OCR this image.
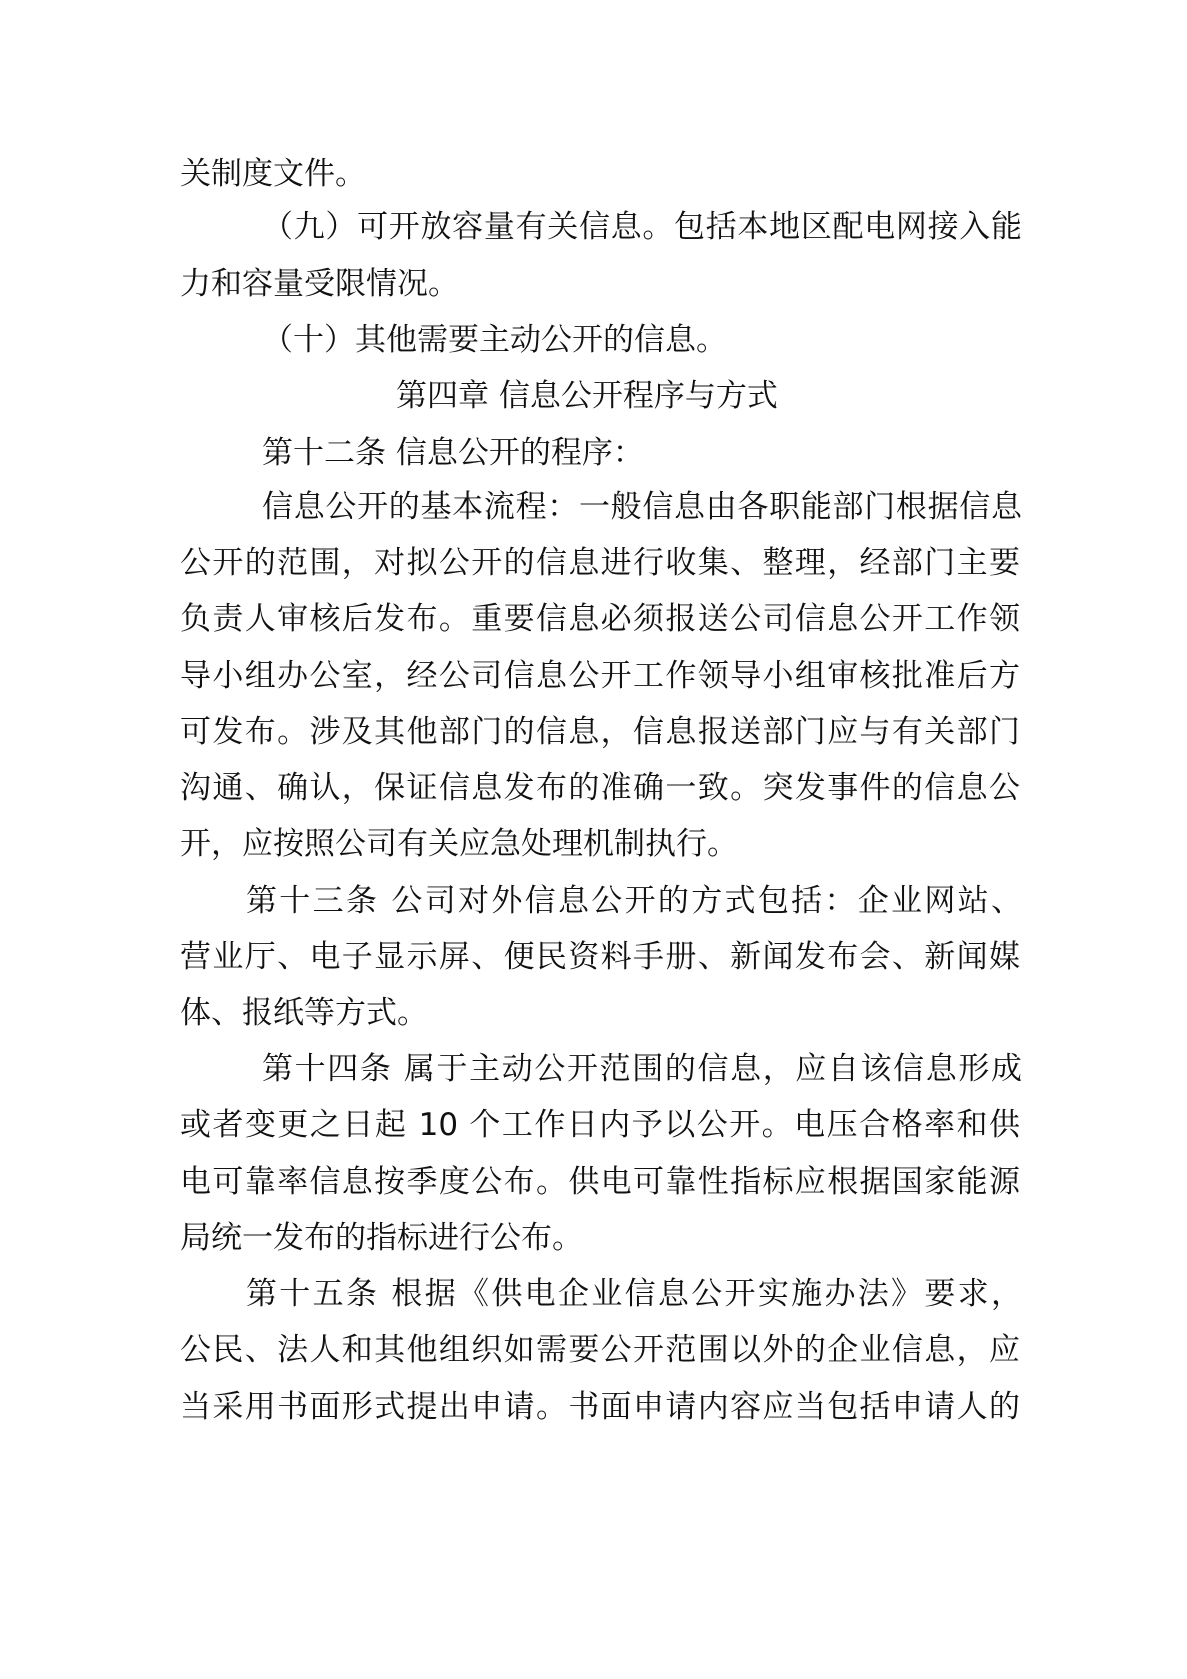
关制度文件。
（九）可开放容量有关信息。包括本地区配电网接入能
力和容量受限情况。
（十）其他需要主动公开的信息。
第四章 信息公开程序与方式
第十二条 信息公开的程序：
信息公开的基本流程：一般信息由各职能部门根据信息
公开的范围，对拟公开的信息进行收集、整理，经部门主要
负责人审核后发布。重要信息必须报送公司信息公开工作领
导小组办公室，经公司信息公开工作领导小组审核批准后方
可发布。涉及其他部门的信息，信息报送部门应与有关部门
沟通、确认，保证信息发布的准确一致。突发事件的信息公
开，应按照公司有关应急处理机制执行。
第十三条 公司对外信息公开的方式包括：企业网站、
营业厅、电子显示屏、便民资料手册、新闻发布会、新闻媒
体、报纸等方式。
第十四条 属于主动公开范围的信息，应自该信息形成
或者变更之日起 10 个工作日内予以公开。电压合格率和供
电可靠率信息按季度公布。供电可靠性指标应根据国家能源
局统一发布的指标进行公布。
第十五条 根据《供电企业信息公开实施办法》要求，
公民、法人和其他组织如需要公开范围以外的企业信息，应
当采用书面形式提出申请。书面申请内容应当包括申请人的
